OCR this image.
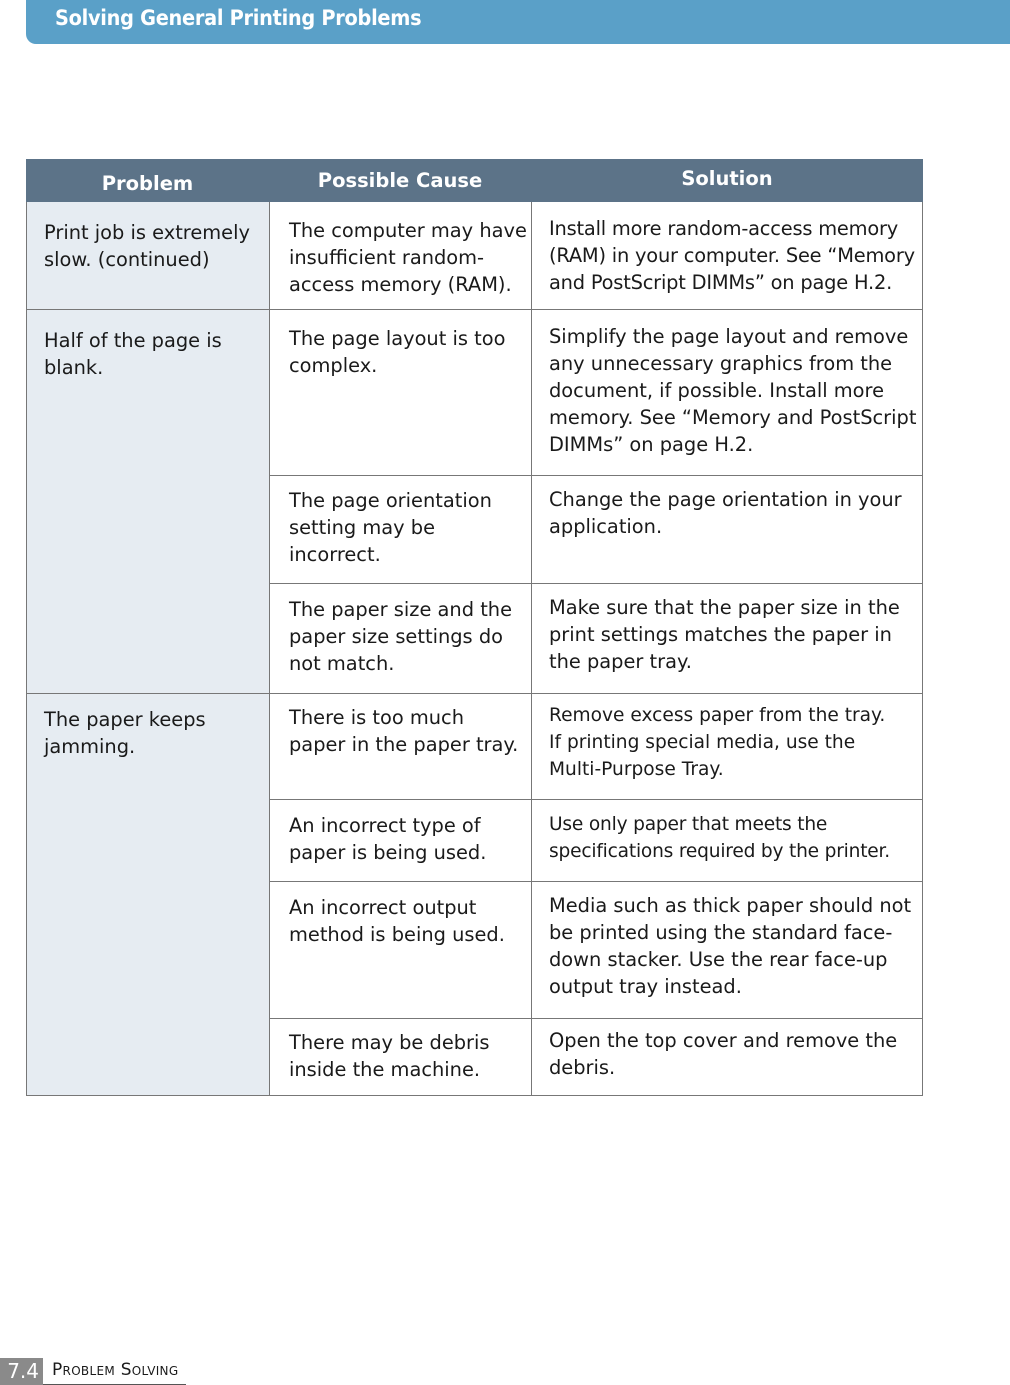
Solving General Printing Problems
Problem	Possible Cause	Solution
Print job is extremely slow. (continued)
Half of the page is blank.
The paper keeps jamming.
The computer may have insufficient random-access memory (RAM).
The page layout is too complex.
The page orientation setting may be incorrect.
The paper size and the paper size settings do not match.
There is too much paper in the paper tray.
An incorrect type of paper is being used.
An incorrect output method is being used.
There may be debris inside the machine.
Install more random-access memory (RAM) in your computer. See “Memory and PostScript DIMMs” on page H.2.
Simplify the page layout and remove any unnecessary graphics from the document, if possible. Install more memory. See “Memory and PostScript DIMMs” on page H.2.
Change the page orientation in your application.
Make sure that the paper size in the print settings matches the paper in the paper tray.
Remove excess paper from the tray. If printing special media, use the Multi-Purpose Tray.
Use only paper that meets the specifications required by the printer.
Media such as thick paper should not be printed using the standard face-down stacker. Use the rear face-up output tray instead.
Open the top cover and remove the debris.
7.4 Problem Solving
